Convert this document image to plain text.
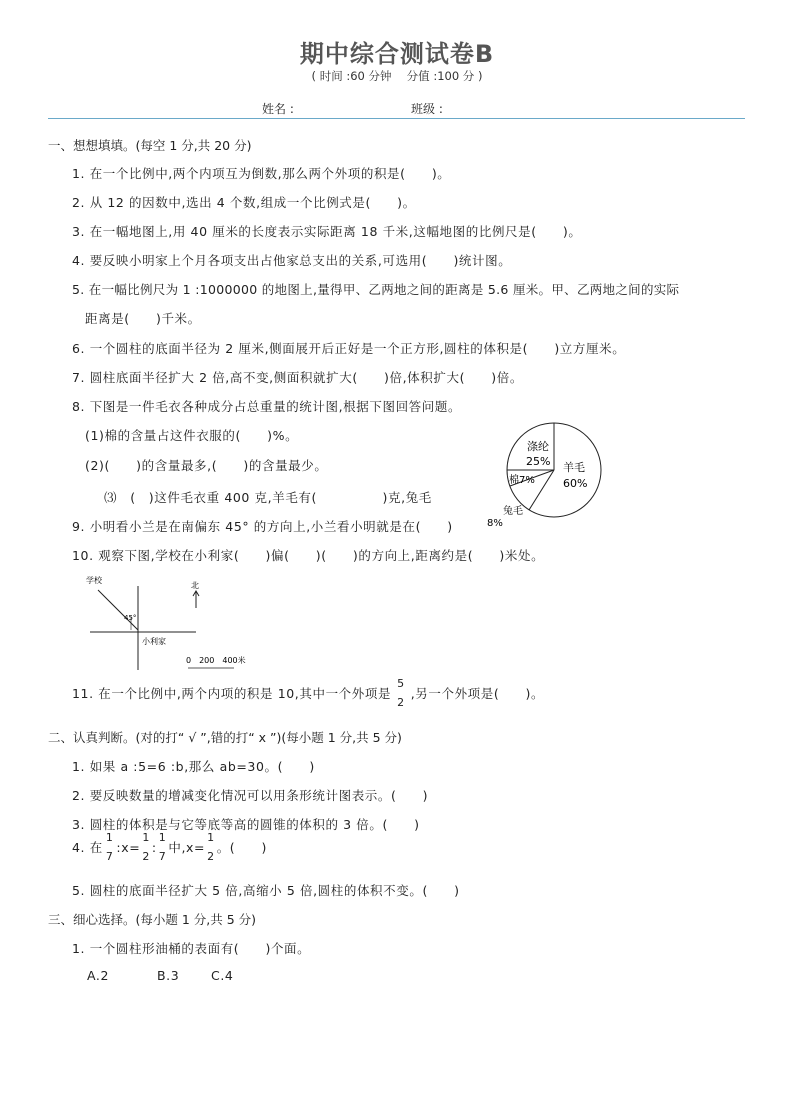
期中综合测试卷B
( 时间 :60 分钟　 分值 :100 分 )
姓名 :	班级 :
一、想想填填。(每空 1 分,共 20 分)
1. 在一个比例中,两个内项互为倒数,那么两个外项的积是(　　)。
2. 从 12 的因数中,选出 4 个数,组成一个比例式是(　　)。
3. 在一幅地图上,用 40 厘米的长度表示实际距离 18 千米,这幅地图的比例尺是(　　)。
4. 要反映小明家上个月各项支出占他家总支出的关系,可选用(　　)统计图。
5. 在一幅比例尺为 1 :1000000 的地图上,量得甲、乙两地之间的距离是 5.6 厘米。甲、乙两地之间的实际
距离是(　　)千米。
6. 一个圆柱的底面半径为 2 厘米,侧面展开后正好是一个正方形,圆柱的体积是(　　)立方厘米。
7. 圆柱底面半径扩大 2 倍,高不变,侧面积就扩大(　　)倍,体积扩大(　　)倍。
8. 下图是一件毛衣各种成分占总重量的统计图,根据下图回答问题。
(1)棉的含量占这件衣服的(　　)%。
(2)(　　)的含量最多,(　　)的含量最少。
⑶　(　)这件毛衣重 400 克,羊毛有(　　　　　)克,兔毛
9. 小明看小兰是在南偏东 45° 的方向上,小兰看小明就是在(　　)
涤纶
25% 羊毛
60%
棉7%
兔毛
8%
10. 观察下图,学校在小利家(　　)偏(　　)(　　)的方向上,距离约是(　　)米处。
学校
45°
小利家
北
0　200　400米
11. 在一个比例中,两个内项的积是 10,其中一个外项是
5
2
,另一个外项是(　　)。
二、认真判断。(对的打“ √ ”,错的打“ x ”)(每小题 1 分,共 5 分)
1. 如果 a :5=6 :b,那么 ab=30。(　　)
2. 要反映数量的增减变化情况可以用条形统计图表示。(　　)
3. 圆柱的体积是与它等底等高的圆锥的体积的 3 倍。(　　)
4. 在
1
7
:x=
1
2
:
1
7
中,x=
1
2
。(　　)
5. 圆柱的底面半径扩大 5 倍,高缩小 5 倍,圆柱的体积不变。(　　)
三、细心选择。(每小题 1 分,共 5 分)
1. 一个圆柱形油桶的表面有(　　)个面。
A.2	B.3	C.4
